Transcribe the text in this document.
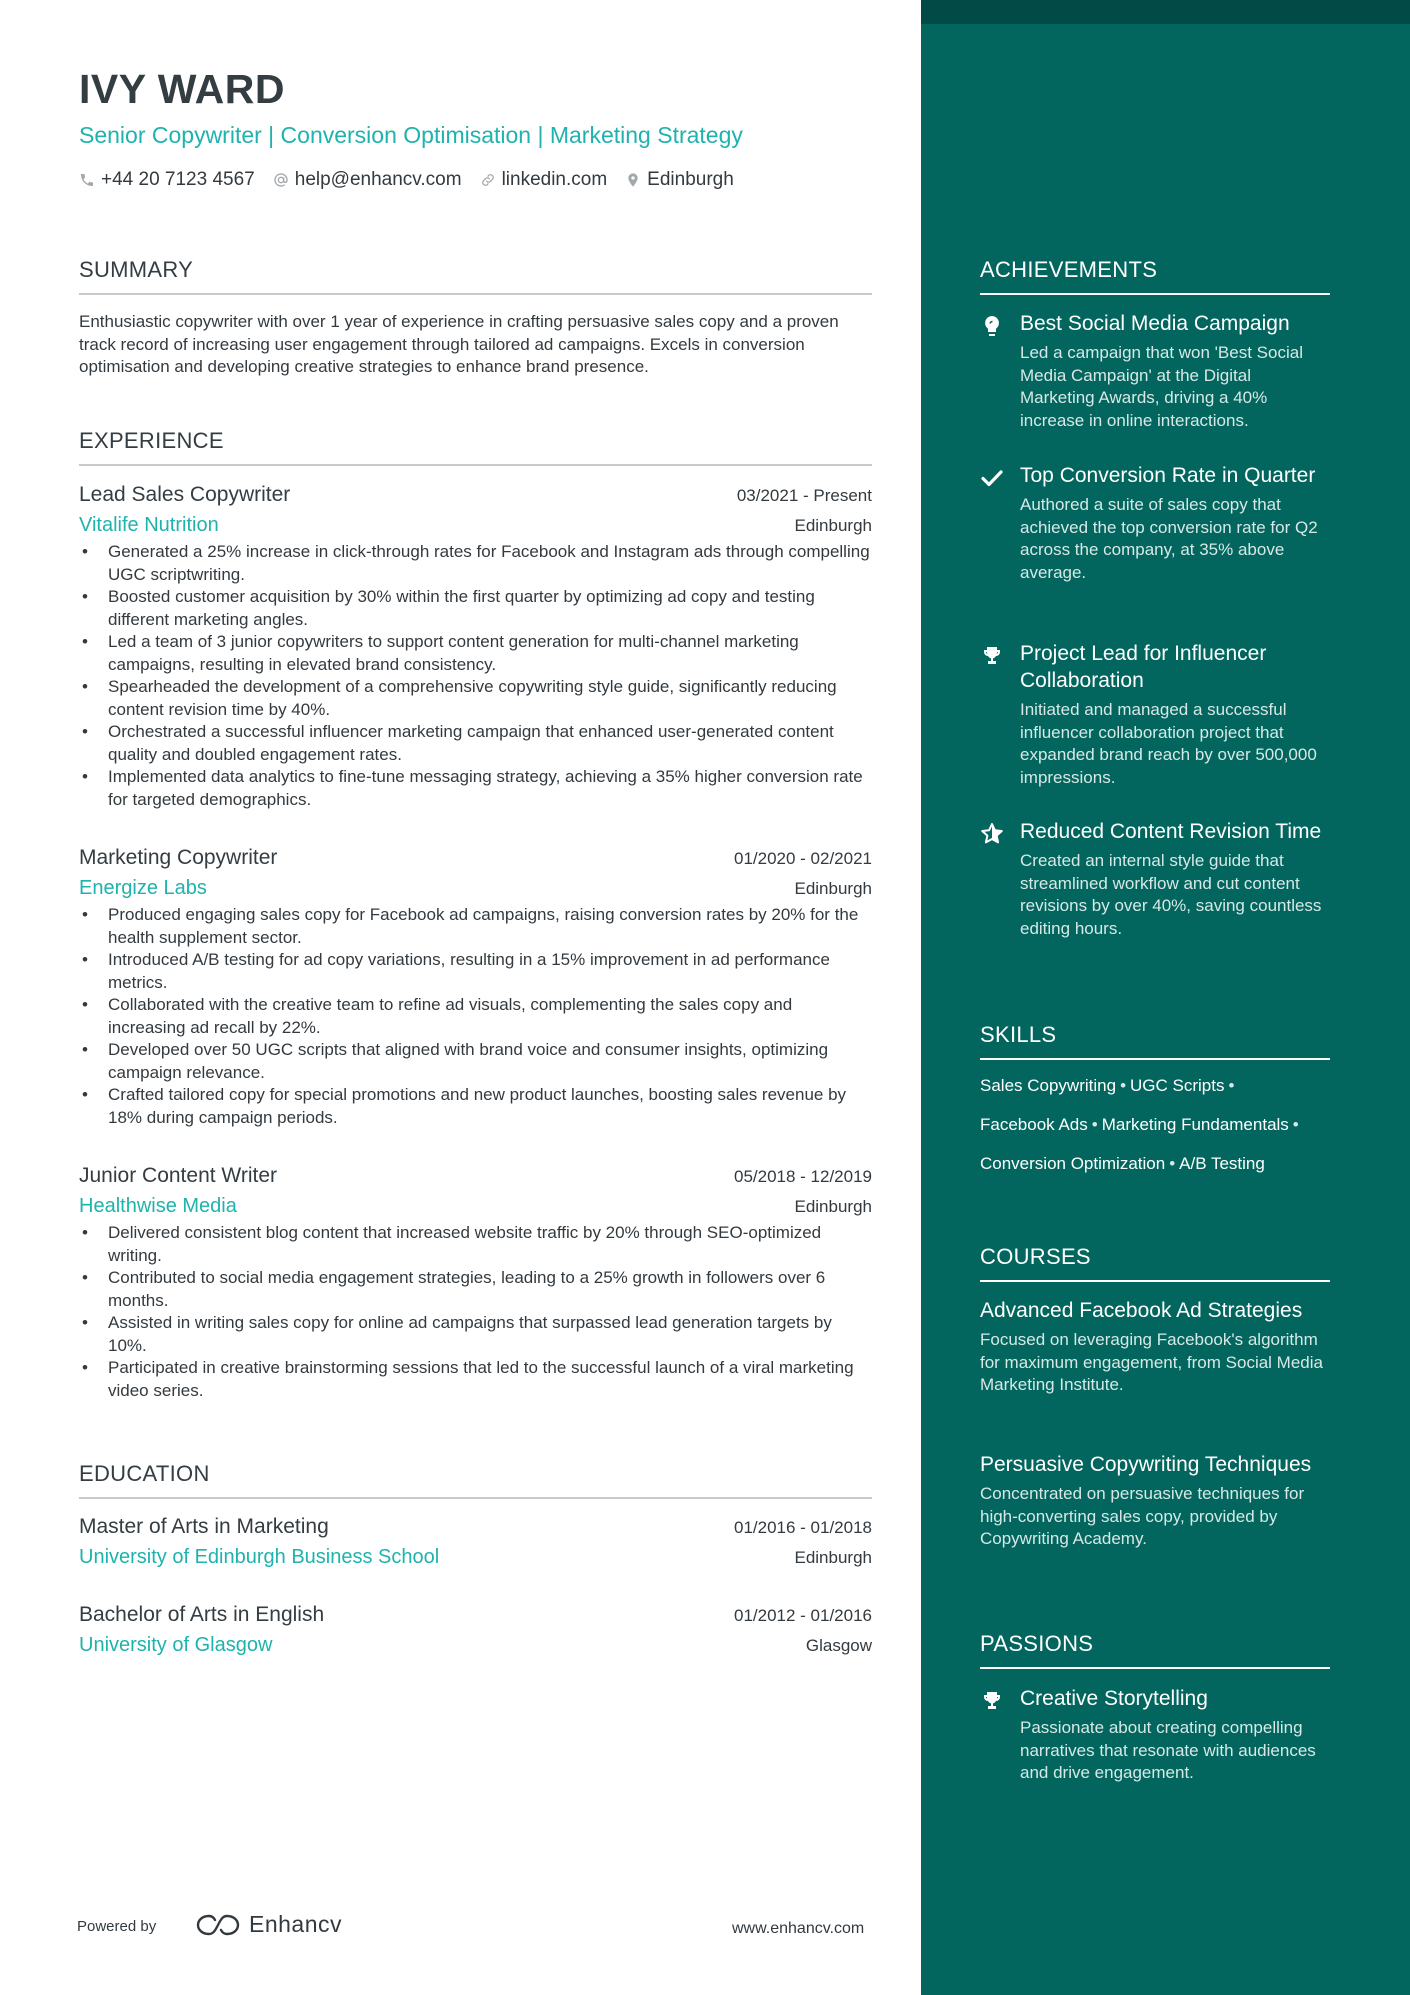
IVY WARD
Senior Copywriter | Conversion Optimisation | Marketing Strategy
+44 20 7123 4567 help@enhancv.com linkedin.com Edinburgh
SUMMARY
Enthusiastic copywriter with over 1 year of experience in crafting persuasive sales copy and a proven track record of increasing user engagement through tailored ad campaigns. Excels in conversion optimisation and developing creative strategies to enhance brand presence.
EXPERIENCE
Lead Sales Copywriter	03/2021 - Present
Vitalife Nutrition	Edinburgh
• Generated a 25% increase in click-through rates for Facebook and Instagram ads through compelling UGC scriptwriting.
• Boosted customer acquisition by 30% within the first quarter by optimizing ad copy and testing different marketing angles.
• Led a team of 3 junior copywriters to support content generation for multi-channel marketing campaigns, resulting in elevated brand consistency.
• Spearheaded the development of a comprehensive copywriting style guide, significantly reducing content revision time by 40%.
• Orchestrated a successful influencer marketing campaign that enhanced user-generated content quality and doubled engagement rates.
• Implemented data analytics to fine-tune messaging strategy, achieving a 35% higher conversion rate for targeted demographics.
Marketing Copywriter	01/2020 - 02/2021
Energize Labs	Edinburgh
• Produced engaging sales copy for Facebook ad campaigns, raising conversion rates by 20% for the health supplement sector.
• Introduced A/B testing for ad copy variations, resulting in a 15% improvement in ad performance metrics.
• Collaborated with the creative team to refine ad visuals, complementing the sales copy and increasing ad recall by 22%.
• Developed over 50 UGC scripts that aligned with brand voice and consumer insights, optimizing campaign relevance.
• Crafted tailored copy for special promotions and new product launches, boosting sales revenue by 18% during campaign periods.
Junior Content Writer	05/2018 - 12/2019
Healthwise Media	Edinburgh
• Delivered consistent blog content that increased website traffic by 20% through SEO-optimized writing.
• Contributed to social media engagement strategies, leading to a 25% growth in followers over 6 months.
• Assisted in writing sales copy for online ad campaigns that surpassed lead generation targets by 10%.
• Participated in creative brainstorming sessions that led to the successful launch of a viral marketing video series.
EDUCATION
Master of Arts in Marketing	01/2016 - 01/2018
University of Edinburgh Business School	Edinburgh
Bachelor of Arts in English	01/2012 - 01/2016
University of Glasgow	Glasgow
Powered by	Enhancv	www.enhancv.com
ACHIEVEMENTS
Best Social Media Campaign
Led a campaign that won 'Best Social Media Campaign' at the Digital Marketing Awards, driving a 40% increase in online interactions.
Top Conversion Rate in Quarter
Authored a suite of sales copy that achieved the top conversion rate for Q2 across the company, at 35% above average.
Project Lead for Influencer Collaboration
Initiated and managed a successful influencer collaboration project that expanded brand reach by over 500,000 impressions.
Reduced Content Revision Time
Created an internal style guide that streamlined workflow and cut content revisions by over 40%, saving countless editing hours.
SKILLS
Sales Copywriting • UGC Scripts •
Facebook Ads • Marketing Fundamentals •
Conversion Optimization • A/B Testing
COURSES
Advanced Facebook Ad Strategies
Focused on leveraging Facebook's algorithm for maximum engagement, from Social Media Marketing Institute.
Persuasive Copywriting Techniques
Concentrated on persuasive techniques for high-converting sales copy, provided by Copywriting Academy.
PASSIONS
Creative Storytelling
Passionate about creating compelling narratives that resonate with audiences and drive engagement.
